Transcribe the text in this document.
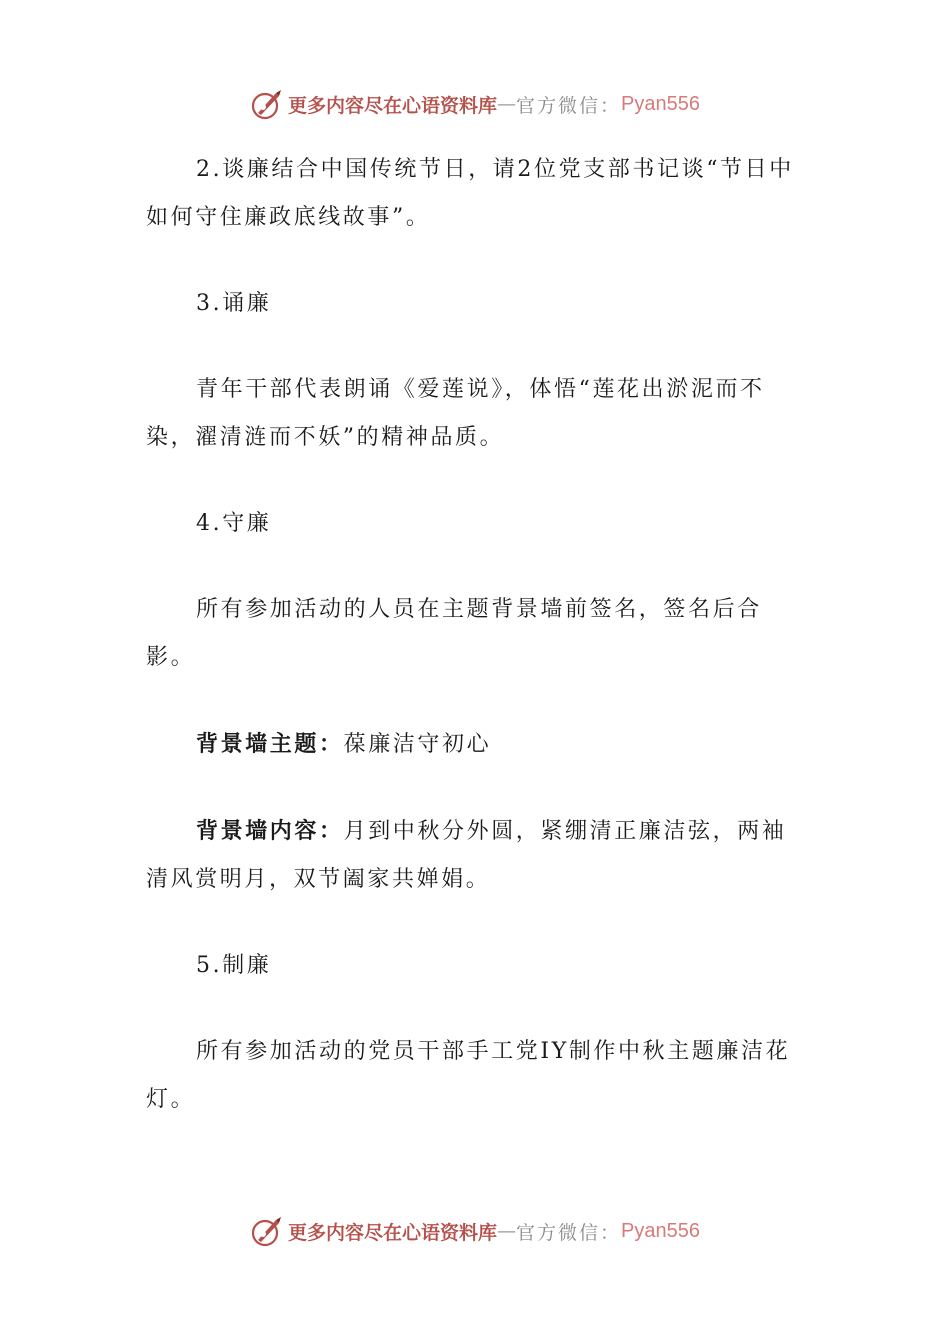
更多内容尽在心语资料库 — 官方微信： Pyan556

2.谈廉结合中国传统节日，请2位党支部书记谈“节日中如何守住廉政底线故事”。

3.诵廉

青年干部代表朗诵《爱莲说》，体悟“莲花出淤泥而不染，濯清涟而不妖”的精神品质。

4.守廉

所有参加活动的人员在主题背景墙前签名，签名后合影。

背景墙主题：葆廉洁守初心

背景墙内容：月到中秋分外圆，紧绷清正廉洁弦，两袖清风赏明月，双节阖家共婵娟。

5.制廉

所有参加活动的党员干部手工党IY制作中秋主题廉洁花灯。

更多内容尽在心语资料库 — 官方微信： Pyan556
